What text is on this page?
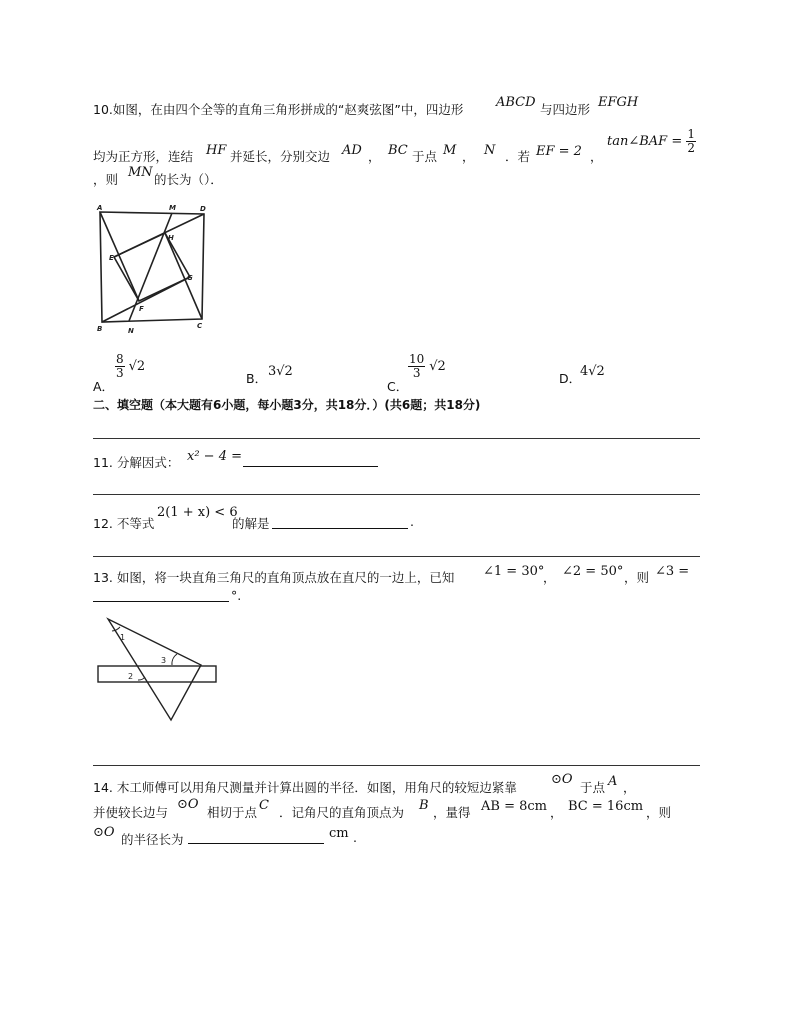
10.如图，在由四个全等的直角三角形拼成的“赵爽弦图”中，四边形	ABCD 与四边形 EFGH
均为正方形，连结 HF 并延长，分别交边 AD ， BC 于点 M ， N ．若 EF = 2 ，
tan∠BAF = $\frac{1}{2}$
，则 MN 的长为（）．
A	M	D
H
E
G
F
B	N
C
A．
$\frac{8}{3} √2$
B． 3√2
C．
$\frac{10}{3} √2$
D．
4√2
二、填空题（本大题有6小题，每小题3分，共18分．）(共6题；共18分)
11. 分解因式： x² − 4 =
12. 不等式
2(1 + x) < 6
的解是	.
13. 如图，将一块直角三角尺的直角顶点放在直尺的一边上，已知 ∠1 = 30°
， ∠2 = 50° ，则 ∠3 =
°.
1
3
2
14. 木工师傅可以用角尺测量并计算出圆的半径．如图，用角尺的较短边紧靠
⊙O
于点 A ，
并使较长边与
⊙O
相切于点 C ．记角尺的直角顶点为 B ，量得 AB = 8cm ， BC = 16cm ，则
⊙O 的半径长为	cm .
